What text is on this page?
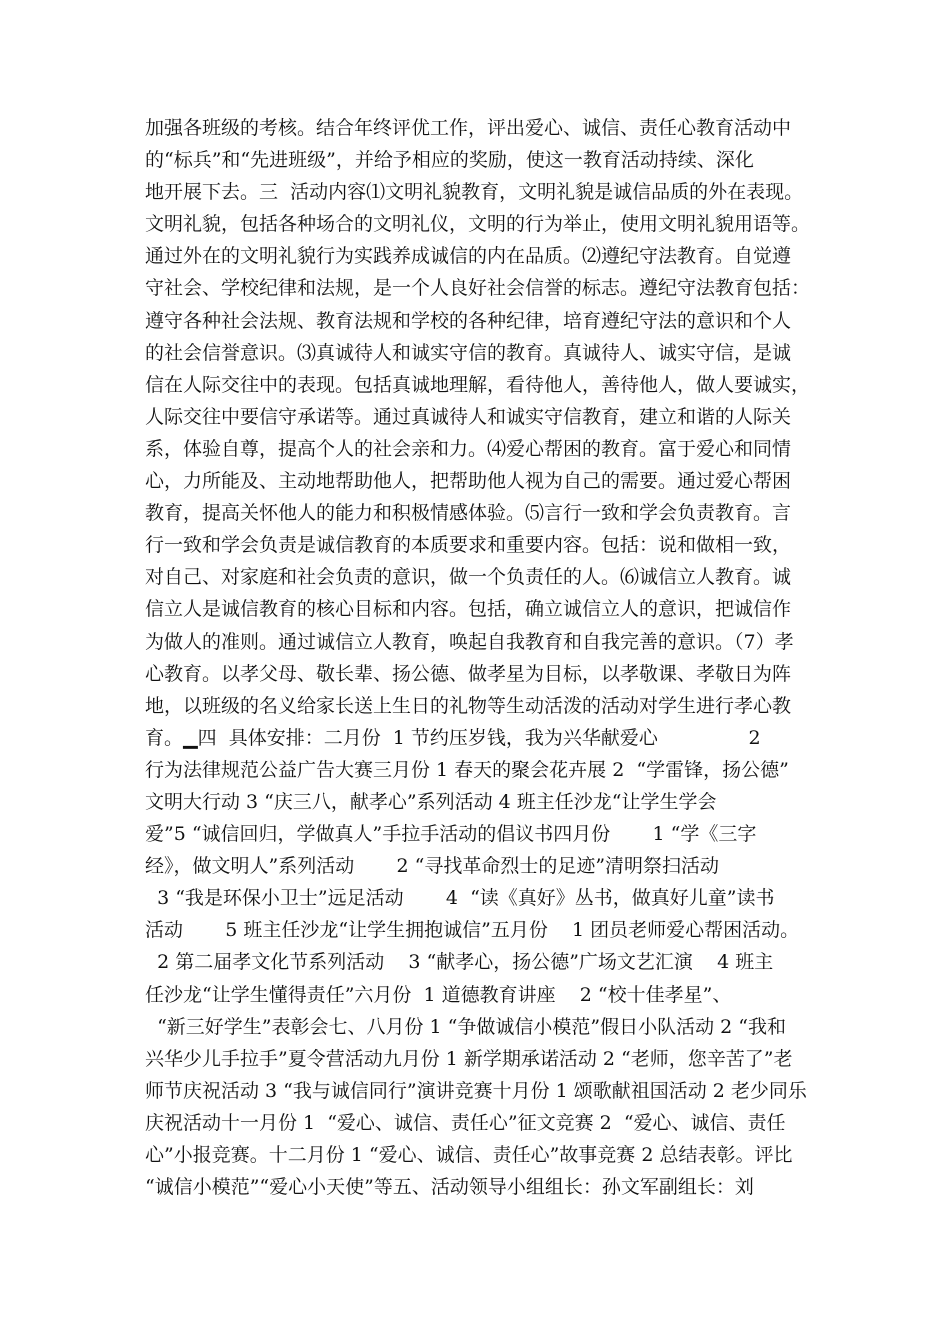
加强各班级的考核。结合年终评优工作，评出爱心、诚信、责任心教育活动中
的“标兵”和“先进班级”，并给予相应的奖励，使这一教育活动持续、深化
地开展下去。三  活动内容⑴文明礼貌教育，文明礼貌是诚信品质的外在表现。
文明礼貌，包括各种场合的文明礼仪，文明的行为举止，使用文明礼貌用语等。
通过外在的文明礼貌行为实践养成诚信的内在品质。⑵遵纪守法教育。自觉遵
守社会、学校纪律和法规，是一个人良好社会信誉的标志。遵纪守法教育包括：
遵守各种社会法规、教育法规和学校的各种纪律，培育遵纪守法的意识和个人
的社会信誉意识。⑶真诚待人和诚实守信的教育。真诚待人、诚实守信，是诚
信在人际交往中的表现。包括真诚地理解，看待他人，善待他人，做人要诚实，
人际交往中要信守承诺等。通过真诚待人和诚实守信教育，建立和谐的人际关
系，体验自尊，提高个人的社会亲和力。⑷爱心帮困的教育。富于爱心和同情
心，力所能及、主动地帮助他人，把帮助他人视为自己的需要。通过爱心帮困
教育，提高关怀他人的能力和积极情感体验。⑸言行一致和学会负责教育。言
行一致和学会负责是诚信教育的本质要求和重要内容。包括：说和做相一致，
对自己、对家庭和社会负责的意识，做一个负责任的人。⑹诚信立人教育。诚
信立人是诚信教育的核心目标和内容。包括，确立诚信立人的意识，把诚信作
为做人的准则。通过诚信立人教育，唤起自我教育和自我完善的意识。（7）孝
心教育。以孝父母、敬长辈、扬公德、做孝星为目标，以孝敬课、孝敬日为阵
地，以班级的名义给家长送上生日的礼物等生动活泼的活动对学生进行孝心教
育。▁四  具体安排：二月份  1 节约压岁钱，我为兴华献爱心               2
行为法律规范公益广告大赛三月份 1 春天的聚会花卉展 2  “学雷锋，扬公德”
文明大行动 3 “庆三八，献孝心”系列活动 4 班主任沙龙“让学生学会
爱”5 “诚信回归，学做真人”手拉手活动的倡议书四月份       1 “学《三字
经》，做文明人”系列活动       2 “寻找革命烈士的足迹”清明祭扫活动
3 “我是环保小卫士”远足活动       4  “读《真好》丛书，做真好儿童”读书
活动       5 班主任沙龙“让学生拥抱诚信”五月份    1 团员老师爱心帮困活动。
2 第二届孝文化节系列活动    3 “献孝心，扬公德”广场文艺汇演    4 班主
任沙龙“让学生懂得责任”六月份  1 道德教育讲座    2 “校十佳孝星”、
“新三好学生”表彰会七、八月份 1 “争做诚信小模范”假日小队活动 2 “我和
兴华少儿手拉手”夏令营活动九月份 1 新学期承诺活动 2 “老师，您辛苦了”老
师节庆祝活动 3 “我与诚信同行”演讲竞赛十月份 1 颂歌献祖国活动 2 老少同乐
庆祝活动十一月份 1  “爱心、诚信、责任心”征文竞赛 2  “爱心、诚信、责任
心”小报竞赛。十二月份 1 “爱心、诚信、责任心”故事竞赛 2 总结表彰。评比
“诚信小模范”“爱心小天使”等五、活动领导小组组长：孙文军副组长：刘
